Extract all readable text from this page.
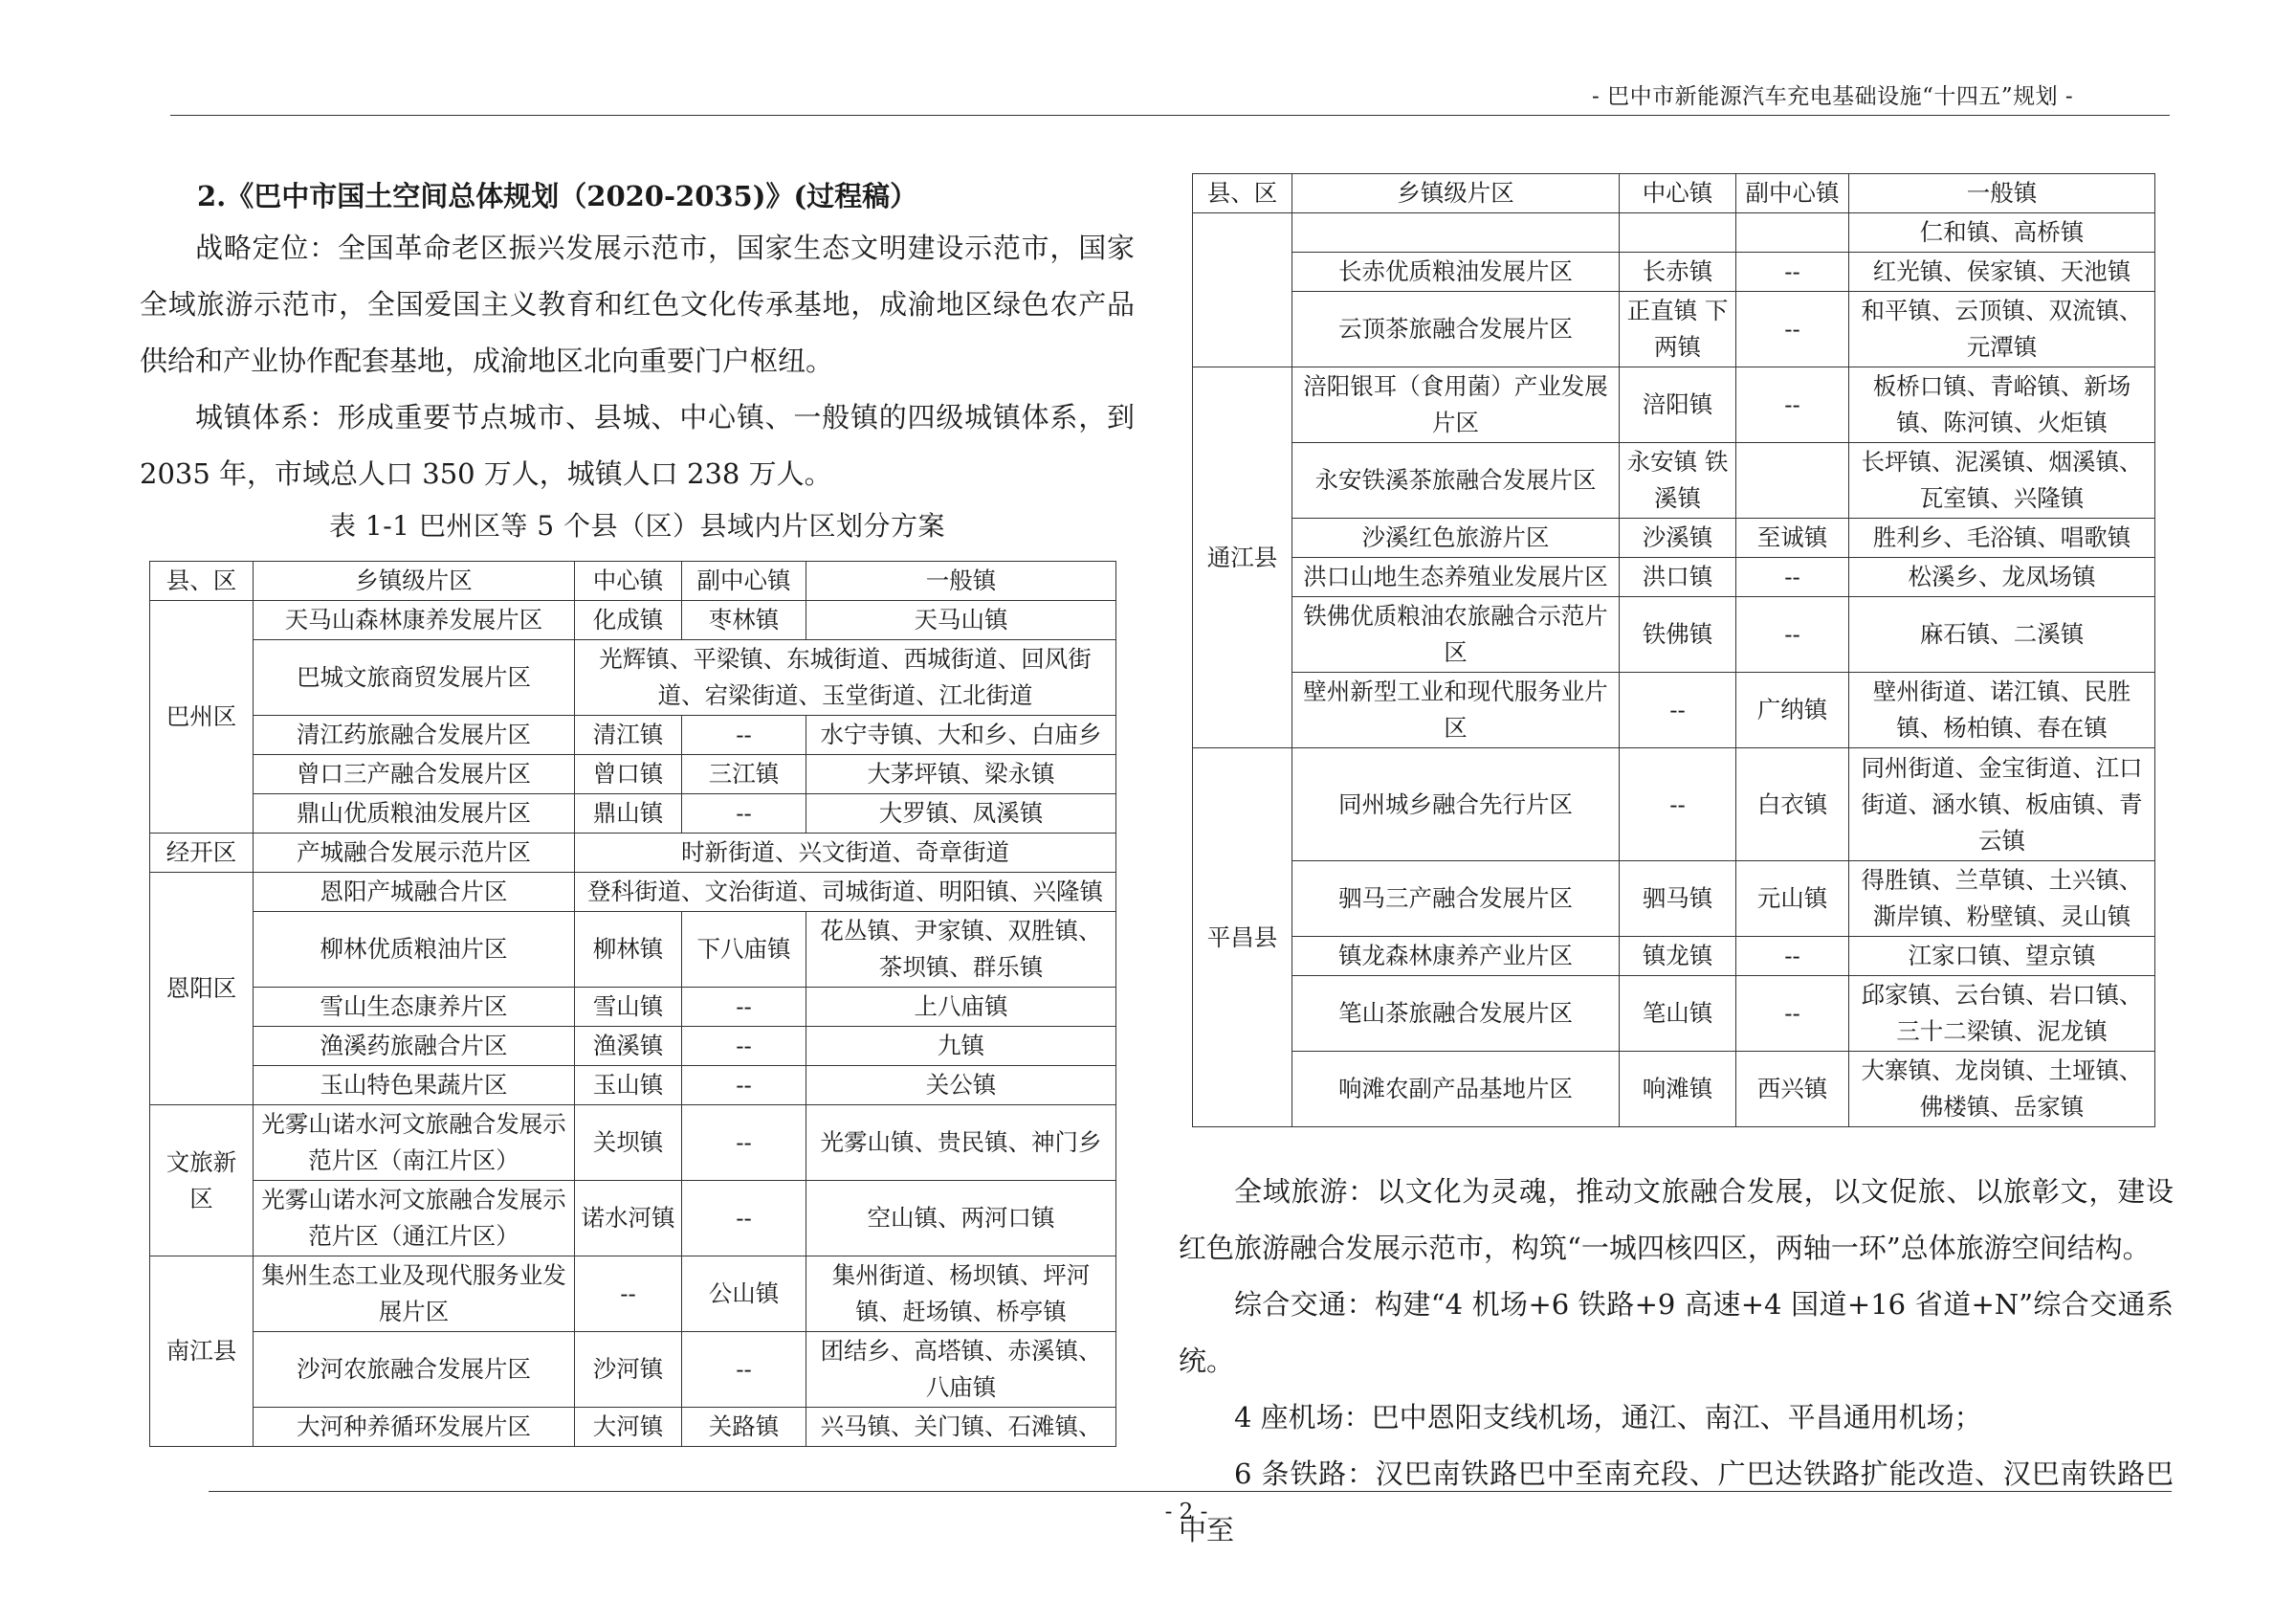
- 巴中市新能源汽车充电基础设施“十四五”规划 -
2.《巴中市国土空间总体规划（2020-2035)》(过程稿）

战略定位：全国革命老区振兴发展示范市，国家生态文明建设示范市，国家全域旅游示范市，全国爱国主义教育和红色文化传承基地，成渝地区绿色农产品供给和产业协作配套基地，成渝地区北向重要门户枢纽。

城镇体系：形成重要节点城市、县城、中心镇、一般镇的四级城镇体系，到 2035 年，市域总人口 350 万人，城镇人口 238 万人。

表 1-1 巴州区等 5 个县（区）县域内片区划分方案
县、区	乡镇级片区	中心镇	副中心镇	一般镇
巴州区	天马山森林康养发展片区	化成镇	枣林镇	天马山镇
	巴城文旅商贸发展片区	光辉镇、平梁镇、东城街道、西城街道、回风街道、宕梁街道、玉堂街道、江北街道		
	清江药旅融合发展片区	清江镇	--	水宁寺镇、大和乡、白庙乡
	曾口三产融合发展片区	曾口镇	三江镇	大茅坪镇、梁永镇
	鼎山优质粮油发展片区	鼎山镇	--	大罗镇、凤溪镇
经开区	产城融合发展示范片区	时新街道、兴文街道、奇章街道		
恩阳区	恩阳产城融合片区	登科街道、文治街道、司城街道、明阳镇、兴隆镇		
	柳林优质粮油片区	柳林镇	下八庙镇	花丛镇、尹家镇、双胜镇、茶坝镇、群乐镇
	雪山生态康养片区	雪山镇	--	上八庙镇
	渔溪药旅融合片区	渔溪镇	--	九镇
	玉山特色果蔬片区	玉山镇	--	关公镇
文旅新区	光雾山诺水河文旅融合发展示范片区（南江片区）	关坝镇	--	光雾山镇、贵民镇、神门乡
	光雾山诺水河文旅融合发展示范片区（通江片区）	诺水河镇	--	空山镇、两河口镇
南江县	集州生态工业及现代服务业发展片区	--	公山镇	集州街道、杨坝镇、坪河镇、赶场镇、桥亭镇
	沙河农旅融合发展片区	沙河镇	--	团结乡、高塔镇、赤溪镇、八庙镇
	大河种养循环发展片区	大河镇	关路镇	兴马镇、关门镇、石滩镇、
县、区	乡镇级片区	中心镇	副中心镇	一般镇
				仁和镇、高桥镇
	长赤优质粮油发展片区	长赤镇	--	红光镇、侯家镇、天池镇
	云顶茶旅融合发展片区	正直镇 下两镇	--	和平镇、云顶镇、双流镇、元潭镇
通江县	涪阳银耳（食用菌）产业发展片区	涪阳镇	--	板桥口镇、青峪镇、新场镇、陈河镇、火炬镇
	永安铁溪茶旅融合发展片区	永安镇 铁溪镇		长坪镇、泥溪镇、烟溪镇、瓦室镇、兴隆镇
	沙溪红色旅游片区	沙溪镇	至诚镇	胜利乡、毛浴镇、唱歌镇
	洪口山地生态养殖业发展片区	洪口镇	--	松溪乡、龙凤场镇
	铁佛优质粮油农旅融合示范片区	铁佛镇	--	麻石镇、二溪镇
	壁州新型工业和现代服务业片区	--	广纳镇	壁州街道、诺江镇、民胜镇、杨柏镇、春在镇
平昌县	同州城乡融合先行片区	--	白衣镇	同州街道、金宝街道、江口街道、涵水镇、板庙镇、青云镇
	驷马三产融合发展片区	驷马镇	元山镇	得胜镇、兰草镇、土兴镇、澌岸镇、粉壁镇、灵山镇
	镇龙森林康养产业片区	镇龙镇	--	江家口镇、望京镇
	笔山茶旅融合发展片区	笔山镇	--	邱家镇、云台镇、岩口镇、三十二梁镇、泥龙镇
	响滩农副产品基地片区	响滩镇	西兴镇	大寨镇、龙岗镇、土垭镇、佛楼镇、岳家镇

全域旅游：以文化为灵魂，推动文旅融合发展，以文促旅、以旅彰文，建设红色旅游融合发展示范市，构筑“一城四核四区，两轴一环”总体旅游空间结构。

综合交通：构建“4 机场+6 铁路+9 高速+4 国道+16 省道+N”综合交通系统。

4 座机场：巴中恩阳支线机场，通江、南江、平昌通用机场；

6 条铁路：汉巴南铁路巴中至南充段、广巴达铁路扩能改造、汉巴南铁路巴中至

- 2 -
